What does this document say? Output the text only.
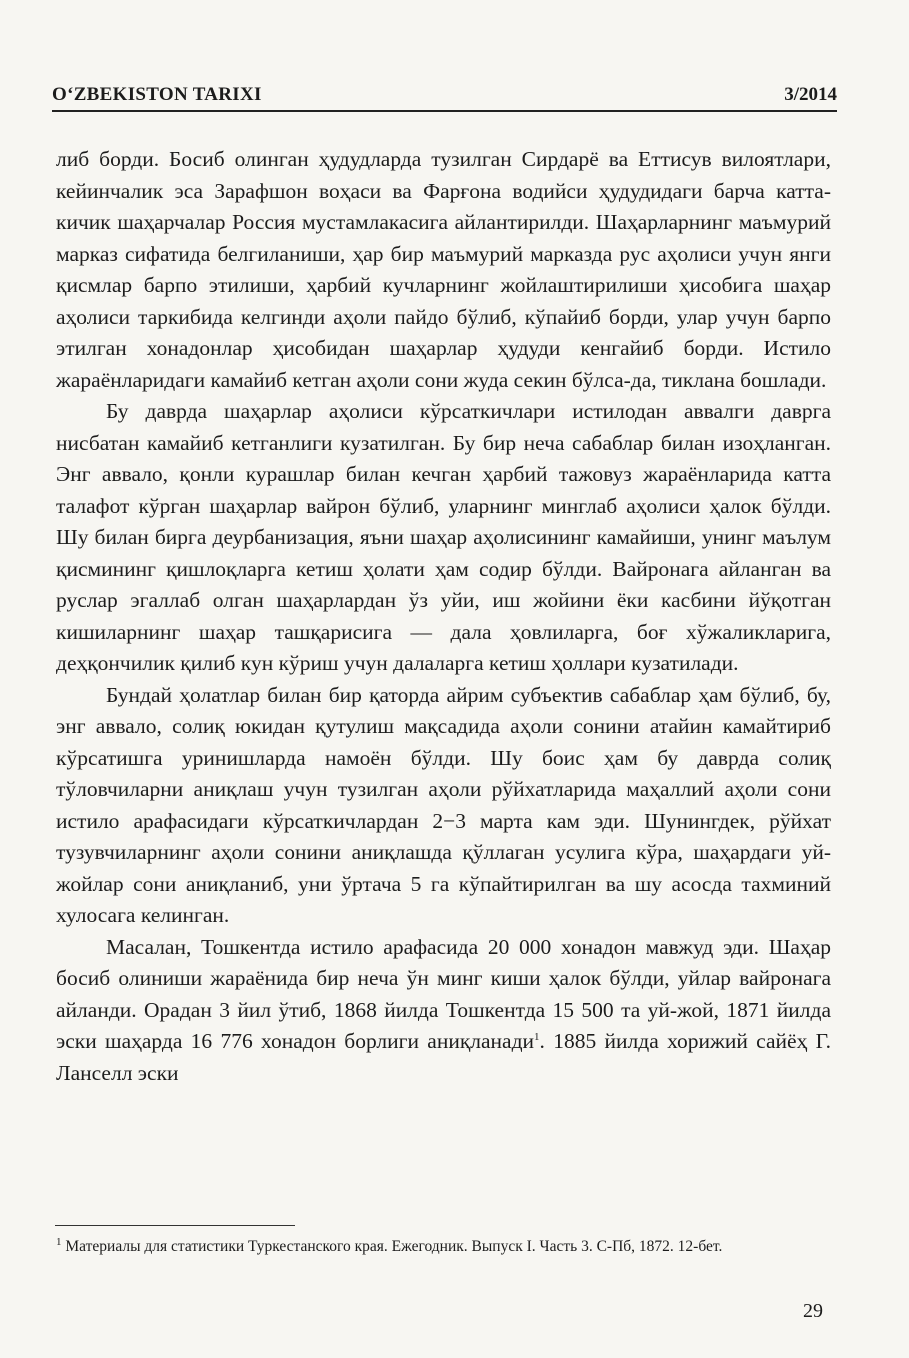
O‘ZBEKISTON TARIXI	3/2014

либ борди. Босиб олинган ҳудудларда тузилган Сирдарё ва Еттисув вилоятлари, кейинчалик эса Зарафшон воҳаси ва Фарғона водийси ҳудудидаги барча катта-кичик шаҳарчалар Россия мустамлакасига айлантирилди. Шаҳарларнинг маъмурий марказ сифатида белгиланиши, ҳар бир маъмурий марказда рус аҳолиси учун янги қисмлар барпо этилиши, ҳарбий кучларнинг жойлаштирилиши ҳисобига шаҳар аҳолиси таркибида келгинди аҳоли пайдо бўлиб, кўпайиб борди, улар учун барпо этилган хонадонлар ҳисобидан шаҳарлар ҳудуди кенгайиб борди. Истило жараёнларидаги камайиб кетган аҳоли сони жуда секин бўлса-да, тиклана бошлади.

Бу даврда шаҳарлар аҳолиси кўрсаткичлари истилодан аввалги даврга нисбатан камайиб кетганлиги кузатилган. Бу бир неча сабаблар билан изоҳланган. Энг аввало, қонли курашлар билан кечган ҳарбий тажовуз жараёнларида катта талафот кўрган шаҳарлар вайрон бўлиб, уларнинг минглаб аҳолиси ҳалок бўлди. Шу билан бирга деурбанизация, яъни шаҳар аҳолисининг камайиши, унинг маълум қисмининг қишлоқларга кетиш ҳолати ҳам содир бўлди. Вайронага айланган ва руслар эгаллаб олган шаҳарлардан ўз уйи, иш жойини ёки касбини йўқотган кишиларнинг шаҳар ташқарисига — дала ҳовлиларга, боғ хўжаликларига, деҳқончилик қилиб кун кўриш учун далаларга кетиш ҳоллари кузатилади.

Бундай ҳолатлар билан бир қаторда айрим субъектив сабаблар ҳам бўлиб, бу, энг аввало, солиқ юкидан қутулиш мақсадида аҳоли сонини атайин камайтириб кўрсатишга уринишларда намоён бўлди. Шу боис ҳам бу даврда солиқ тўловчиларни аниқлаш учун тузилган аҳоли рўйхатларида маҳаллий аҳоли сони истило арафасидаги кўрсаткичлардан 2−3 марта кам эди. Шунингдек, рўйхат тузувчиларнинг аҳоли сонини аниқлашда қўллаган усулига кўра, шаҳардаги уй-жойлар сони аниқланиб, уни ўртача 5 га кўпайтирилган ва шу асосда тахминий хулосага келинган.

Масалан, Тошкентда истило арафасида 20 000 хонадон мавжуд эди. Шаҳар босиб олиниши жараёнида бир неча ўн минг киши ҳалок бўлди, уйлар вайронага айланди. Орадан 3 йил ўтиб, 1868 йилда Тошкентда 15 500 та уй-жой, 1871 йилда эски шаҳарда 16 776 хонадон борлиги аниқланади$^1$. 1885 йилда хорижий сайёҳ Г. Ланселл эски

$^1$ Материалы для статистики Туркестанского края. Ежегодник. Выпуск I. Часть 3. С-Пб, 1872. 12-бет.
29
